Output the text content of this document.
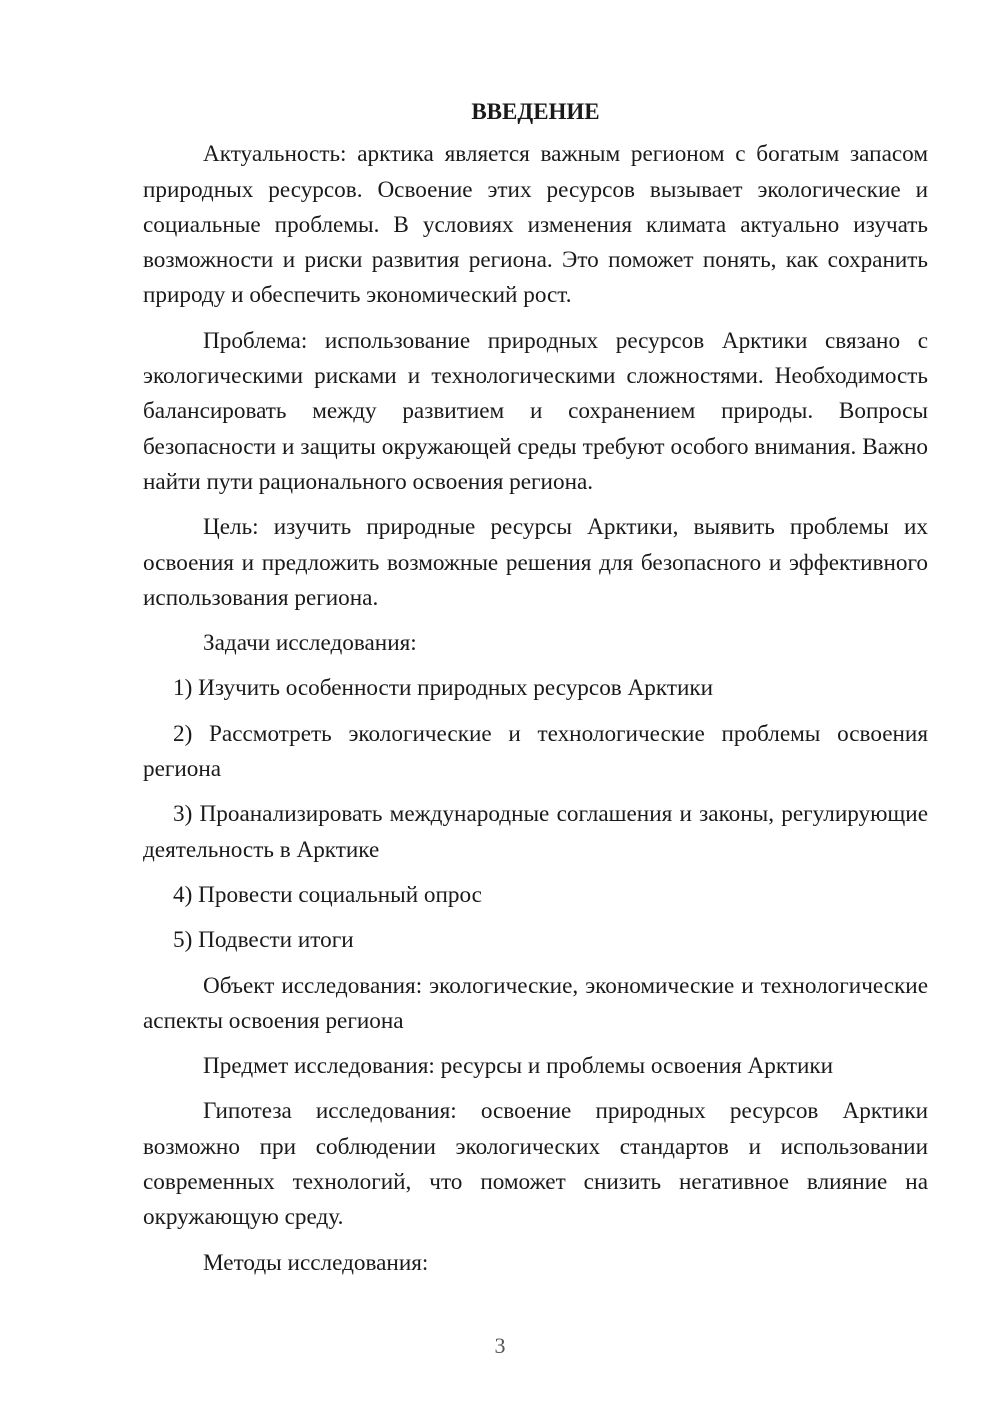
ВВЕДЕНИЕ

Актуальность: арктика является важным регионом с богатым запасом природных ресурсов. Освоение этих ресурсов вызывает экологические и социальные проблемы. В условиях изменения климата актуально изучать возможности и риски развития региона. Это поможет понять, как сохранить природу и обеспечить экономический рост.

Проблема: использование природных ресурсов Арктики связано с экологическими рисками и технологическими сложностями. Необходимость балансировать между развитием и сохранением природы. Вопросы безопасности и защиты окружающей среды требуют особого внимания. Важно найти пути рационального освоения региона.

Цель: изучить природные ресурсы Арктики, выявить проблемы их освоения и предложить возможные решения для безопасного и эффективного использования региона.

Задачи исследования:

1) Изучить особенности природных ресурсов Арктики

2) Рассмотреть экологические и технологические проблемы освоения региона

3) Проанализировать международные соглашения и законы, регулирующие деятельность в Арктике

4) Провести социальный опрос

5) Подвести итоги

Объект исследования: экологические, экономические и технологические аспекты освоения региона

Предмет исследования: ресурсы и проблемы освоения Арктики

Гипотеза исследования: освоение природных ресурсов Арктики возможно при соблюдении экологических стандартов и использовании современных технологий, что поможет снизить негативное влияние на окружающую среду.

Методы исследования:

3
